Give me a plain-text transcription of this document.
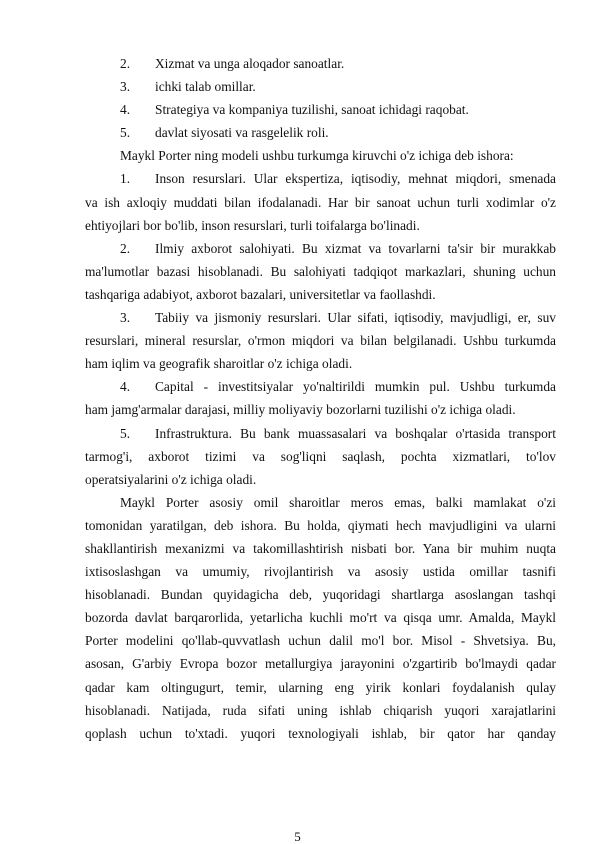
2.	Xizmat va unga aloqador sanoatlar.
3.	ichki talab omillar.
4.	Strategiya va kompaniya tuzilishi, sanoat ichidagi raqobat.
5.	davlat siyosati va rasgelelik roli.
Maykl Porter ning modeli ushbu turkumga kiruvchi o'z ichiga deb ishora:
1.	Inson resurslari. Ular ekspertiza, iqtisodiy, mehnat miqdori, smenada
va ish axloqiy muddati bilan ifodalanadi. Har bir sanoat uchun turli xodimlar o'z
ehtiyojlari bor bo'lib, inson resurslari, turli toifalarga bo'linadi.
2.	Ilmiy axborot salohiyati. Bu xizmat va tovarlarni ta'sir bir murakkab
ma'lumotlar bazasi hisoblanadi. Bu salohiyati tadqiqot markazlari, shuning uchun
tashqariga adabiyot, axborot bazalari, universitetlar va faollashdi.
3.	Tabiiy va jismoniy resurslari. Ular sifati, iqtisodiy, mavjudligi, er, suv
resurslari, mineral resurslar, o'rmon miqdori va bilan belgilanadi. Ushbu turkumda
ham iqlim va geografik sharoitlar o'z ichiga oladi.
4.	Capital - investitsiyalar yo'naltirildi mumkin pul. Ushbu turkumda
ham jamg'armalar darajasi, milliy moliyaviy bozorlarni tuzilishi o'z ichiga oladi.
5.	Infrastruktura. Bu bank muassasalari va boshqalar o'rtasida transport
tarmog'i, axborot tizimi va sog'liqni saqlash, pochta xizmatlari, to'lov
operatsiyalarini o'z ichiga oladi.
Maykl Porter asosiy omil sharoitlar meros emas, balki mamlakat o'zi
tomonidan yaratilgan, deb ishora. Bu holda, qiymati hech mavjudligini va ularni
shakllantirish mexanizmi va takomillashtirish nisbati bor. Yana bir muhim nuqta
ixtisoslashgan va umumiy, rivojlantirish va asosiy ustida omillar tasnifi
hisoblanadi. Bundan quyidagicha deb, yuqoridagi shartlarga asoslangan tashqi
bozorda davlat barqarorlida, yetarlicha kuchli mo'rt va qisqa umr. Amalda, Maykl
Porter modelini qo'llab-quvvatlash uchun dalil mo'l bor. Misol - Shvetsiya. Bu,
asosan, G'arbiy Evropa bozor metallurgiya jarayonini o'zgartirib bo'lmaydi qadar
qadar kam oltingugurt, temir, ularning eng yirik konlari foydalanish qulay
hisoblanadi. Natijada, ruda sifati uning ishlab chiqarish yuqori xarajatlarini
qoplash uchun to'xtadi. yuqori texnologiyali ishlab, bir qator har qanday
5
